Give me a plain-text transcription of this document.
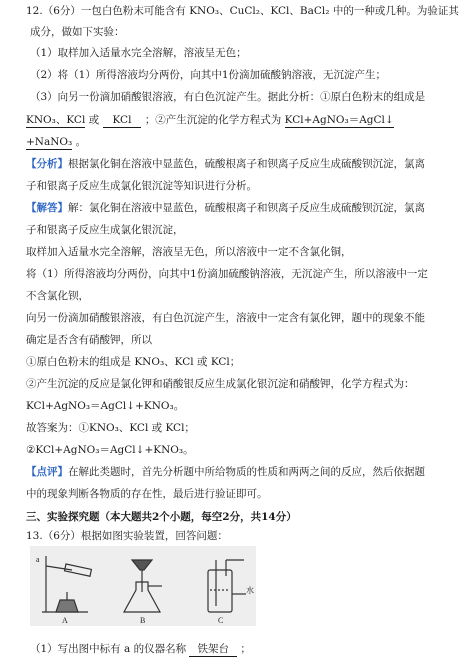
12.（6分）一包白色粉末可能含有 KNO₃、CuCl₂、KCl、BaCl₂ 中的一种或几种。为验证其
成分，做如下实验：
（1）取样加入适量水完全溶解，溶液呈无色；
（2）将（1）所得溶液均分两份，向其中1份滴加硫酸钠溶液，无沉淀产生；
（3）向另一份滴加硝酸银溶液，有白色沉淀产生。据此分析：①原白色粉末的组成是
KNO₃、KCl 或 KCl ；②产生沉淀的化学方程式为 KCl+AgNO₃＝AgCl↓
+NaNO₃ 。
【分析】根据氯化铜在溶液中显蓝色，硫酸根离子和钡离子反应生成硫酸钡沉淀，氯离
子和银离子反应生成氯化银沉淀等知识进行分析。
【解答】解：氯化铜在溶液中显蓝色，硫酸根离子和钡离子反应生成硫酸钡沉淀，氯离
子和银离子反应生成氯化银沉淀，
取样加入适量水完全溶解，溶液呈无色，所以溶液中一定不含氯化铜，
将（1）所得溶液均分两份，向其中1份滴加硫酸钠溶液，无沉淀产生，所以溶液中一定
不含氯化钡，
向另一份滴加硝酸银溶液，有白色沉淀产生，溶液中一定含有氯化钾，题中的现象不能
确定是否含有硝酸钾，所以
①原白色粉末的组成是 KNO₃、KCl 或 KCl；
②产生沉淀的反应是氯化钾和硝酸银反应生成氯化银沉淀和硝酸钾，化学方程式为：
KCl+AgNO₃＝AgCl↓+KNO₃。
故答案为：①KNO₃、KCl 或 KCl；
②KCl+AgNO₃＝AgCl↓+KNO₃。
【点评】在解此类题时，首先分析题中所给物质的性质和两两之间的反应，然后依据题
中的现象判断各物质的存在性，最后进行验证即可。
三、实验探究题（本大题共2个小题，每空2分，共14分）
13.（6分）根据如图实验装置，回答问题：
a
水
A	B	C
（1）写出图中标有 a 的仪器名称 铁架台 ；
